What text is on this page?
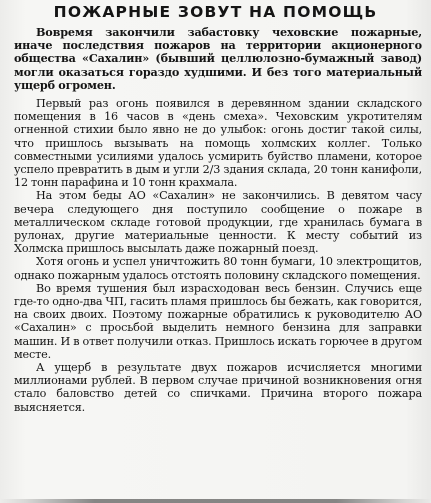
ПОЖАРНЫЕ ЗОВУТ НА ПОМОЩЬ

Вовремя закончили забастовку чеховские пожарные, иначе последствия пожаров на территории акционерного общества «Сахалин» (бывший целлюлозно-бумажный завод) могли оказаться гораздо худшими. И без того материальный ущерб огромен.

Первый раз огонь появился в деревянном здании складского помещения в 16 часов в «день смеха». Чеховским укротителям огненной стихии было явно не до улыбок: огонь достиг такой силы, что пришлось вызывать на помощь холмских коллег. Только совместными усилиями удалось усмирить буйство пламени, которое успело превратить в дым и угли 2/3 здания склада, 20 тонн канифоли, 12 тонн парафина и 10 тонн крахмала.

На этом беды АО «Сахалин» не закончились. В девятом часу вечера следующего дня поступило сообщение о пожаре в металлическом складе готовой продукции, где хранилась бумага в рулонах, другие материальные ценности. К месту событий из Холмска пришлось высылать даже пожарный поезд.

Хотя огонь и успел уничтожить 80 тонн бумаги, 10 электрощитов, однако пожарным удалось отстоять половину складского помещения.

Во время тушения был израсходован весь бензин. Случись еще где-то одно-два ЧП, гасить пламя пришлось бы бежать, как говорится, на своих двоих. Поэтому пожарные обратились к руководителю АО «Сахалин» с просьбой выделить немного бензина для заправки машин. И в ответ получили отказ. Пришлось искать горючее в другом месте.

А ущерб в результате двух пожаров исчисляется многими миллионами рублей. В первом случае причиной возникновения огня стало баловство детей со спичками. Причина второго пожара выясняется.
